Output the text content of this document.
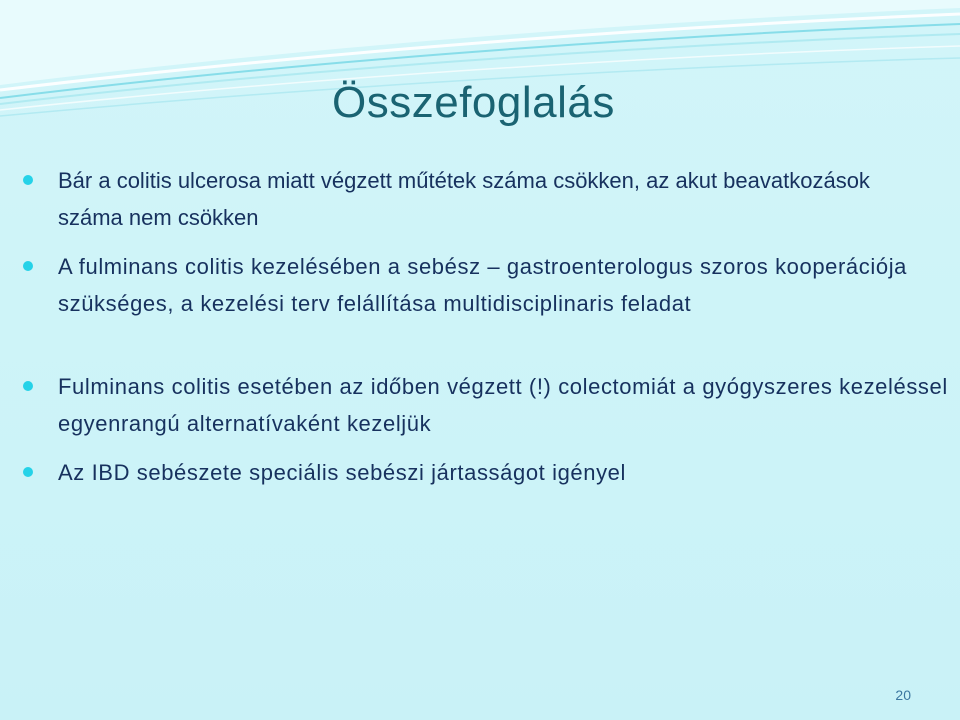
Összefoglalás
Bár a colitis ulcerosa miatt végzett műtétek száma csökken, az akut beavatkozások száma nem csökken
A fulminans colitis kezelésében a sebész – gastroenterologus szoros kooperációja szükséges, a kezelési terv felállítása multidisciplinaris feladat
Fulminans colitis esetében az időben végzett (!) colectomiát a gyógyszeres kezeléssel egyenrangú alternatívaként kezeljük
Az IBD sebészete speciális sebészi jártasságot igényel
20
